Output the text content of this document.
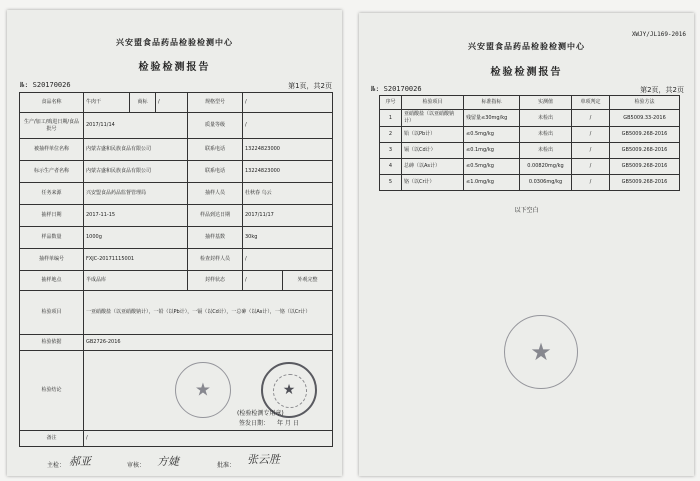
兴安盟食品药品检验检测中心
检验检测报告
№: S20170026	第1页，共2页
食品名称	牛肉干	商标	/	规格型号	/	
生产/加工/购进日期/食品批号	2017/11/14			质量等级	/	
被抽样单位名称	内蒙古盛和民族食品有限公司			联系电话	13224823000	
标示生产者名称	内蒙古盛和民族食品有限公司			联系电话	13224823000	
任务来源	兴安盟食品药品监督管理局			抽样人员	杜秋春 乌云	
抽样日期	2017-11-15			样品到达日期	2017/11/17	
样品数量	1000g			抽样基数	30kg	
抽样单编号	FXJC-20171115001			检查封样人员	/	
抽样地点	半成品库			封样状态	/	外观完整
检验项目	一亚硝酸盐（以亚硝酸钠计），一铅（以Pb计），一镉（以Cd计），一总砷（以As计），一铬（以Cr计）					
检验依据	GB2726-2016					
检验结论						
备注	/					
★	★
(检验检测专用章)
签发日期： 年 月 日
主检： 郝亚	审核： 方婕	批准： 张云胜
XWJY/JL169-2016
兴安盟食品药品检验检测中心
检验检测报告
№: S20170026	第2页，共2页
序号	检验项目	标准指标	实测值	单项判定	检验方法
1	亚硝酸盐（以亚硝酸钠计）	残留量≤30mg/kg	未检出	/	GB5009.33-2016
2	铅（以Pb计）	≤0.5mg/kg	未检出	/	GB5009.268-2016
3	镉（以Cd计）	≤0.1mg/kg	未检出	/	GB5009.268-2016
4	总砷（以As计）	≤0.5mg/kg	0.00820mg/kg	/	GB5009.268-2016
5	铬（以Cr计）	≤1.0mg/kg	0.0306mg/kg	/	GB5009.268-2016
以下空白
★
